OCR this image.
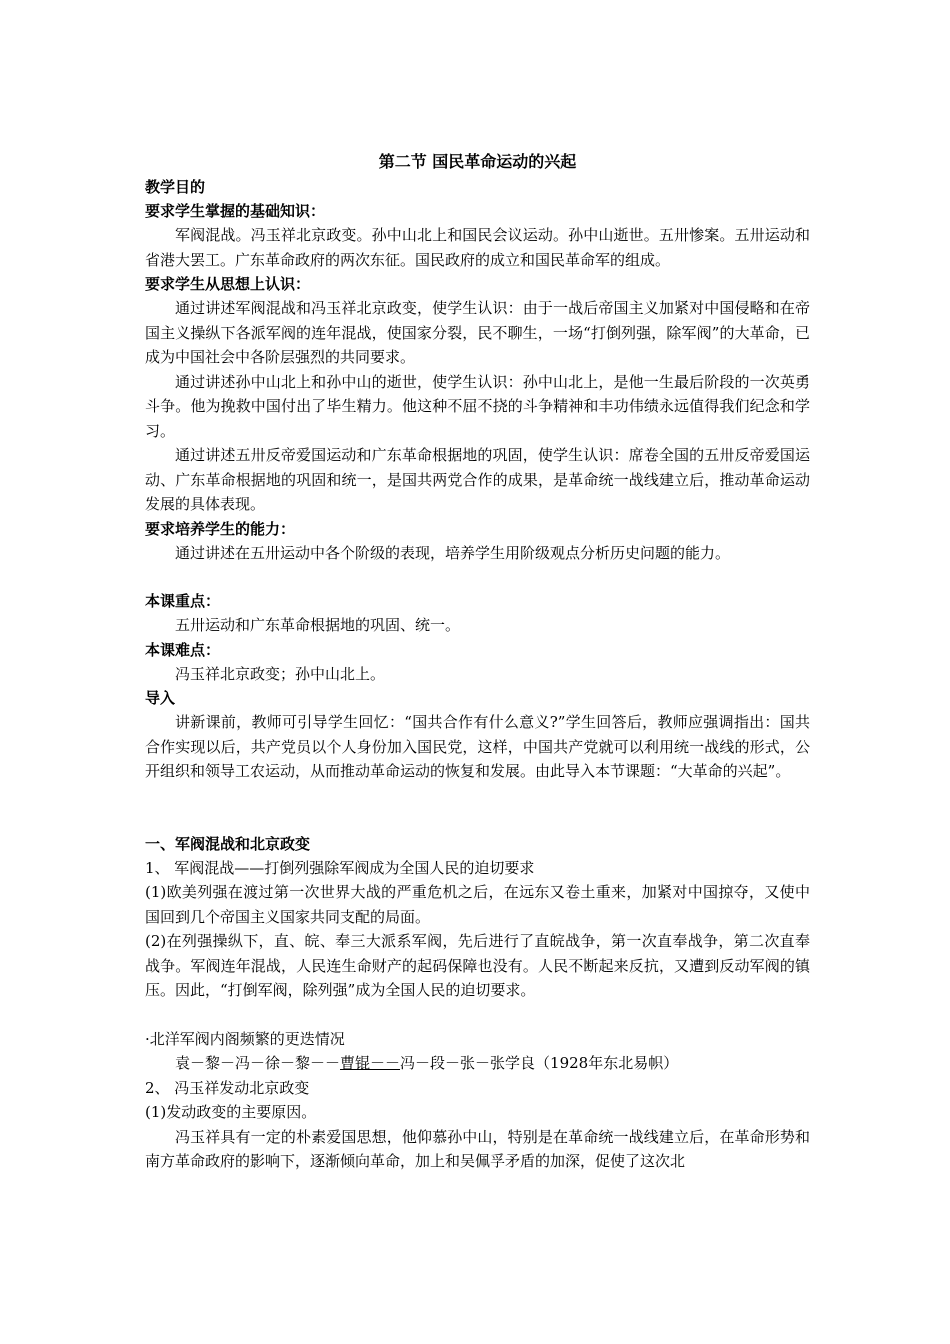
第二节 国民革命运动的兴起

教学目的

要求学生掌握的基础知识：

军阀混战。冯玉祥北京政变。孙中山北上和国民会议运动。孙中山逝世。五卅惨案。五卅运动和省港大罢工。广东革命政府的两次东征。国民政府的成立和国民革命军的组成。

要求学生从思想上认识：

通过讲述军阀混战和冯玉祥北京政变，使学生认识：由于一战后帝国主义加紧对中国侵略和在帝国主义操纵下各派军阀的连年混战，使国家分裂，民不聊生，一场“打倒列强，除军阀”的大革命，已成为中国社会中各阶层强烈的共同要求。

通过讲述孙中山北上和孙中山的逝世，使学生认识：孙中山北上，是他一生最后阶段的一次英勇斗争。他为挽救中国付出了毕生精力。他这种不屈不挠的斗争精神和丰功伟绩永远值得我们纪念和学习。

通过讲述五卅反帝爱国运动和广东革命根据地的巩固，使学生认识：席卷全国的五卅反帝爱国运动、广东革命根据地的巩固和统一，是国共两党合作的成果，是革命统一战线建立后，推动革命运动发展的具体表现。

要求培养学生的能力：

通过讲述在五卅运动中各个阶级的表现，培养学生用阶级观点分析历史问题的能力。

本课重点：

五卅运动和广东革命根据地的巩固、统一。

本课难点：

冯玉祥北京政变；孙中山北上。

导入

讲新课前，教师可引导学生回忆：“国共合作有什么意义?”学生回答后，教师应强调指出：国共合作实现以后，共产党员以个人身份加入国民党，这样，中国共产党就可以利用统一战线的形式，公开组织和领导工农运动，从而推动革命运动的恢复和发展。由此导入本节课题：“大革命的兴起”。

一、军阀混战和北京政变

1、 军阀混战——打倒列强除军阀成为全国人民的迫切要求

(1)欧美列强在渡过第一次世界大战的严重危机之后，在远东又卷土重来，加紧对中国掠夺，又使中国回到几个帝国主义国家共同支配的局面。

(2)在列强操纵下，直、皖、奉三大派系军阀，先后进行了直皖战争，第一次直奉战争，第二次直奉战争。军阀连年混战，人民连生命财产的起码保障也没有。人民不断起来反抗，又遭到反动军阀的镇压。因此，“打倒军阀，除列强”成为全国人民的迫切要求。

·北洋军阀内阁频繁的更迭情况

袁－黎－冯－徐－黎－－曹锟－－冯－段－张－张学良（1928年东北易帜）

2、 冯玉祥发动北京政变

(1)发动政变的主要原因。

冯玉祥具有一定的朴素爱国思想，他仰慕孙中山，特别是在革命统一战线建立后，在革命形势和南方革命政府的影响下，逐渐倾向革命，加上和吴佩孚矛盾的加深，促使了这次北
